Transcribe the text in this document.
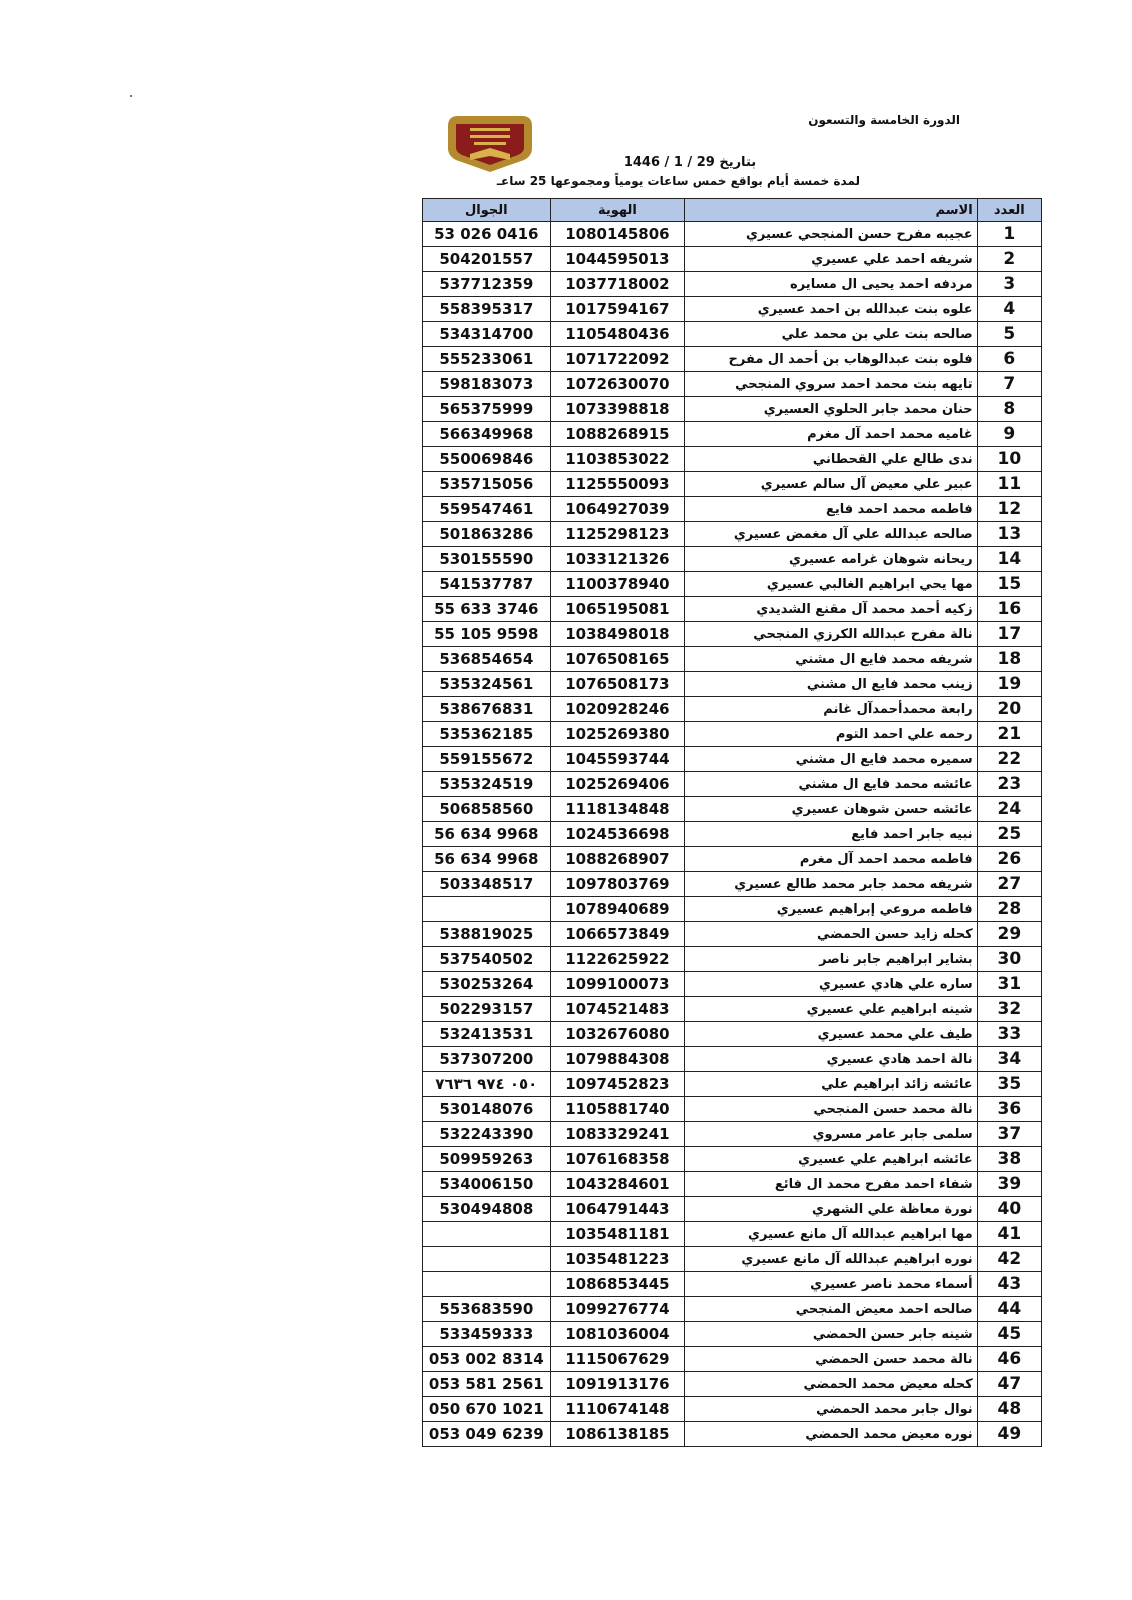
الدورة الخامسة والتسعون
بتاريخ 29 / 1 / 1446
لمدة خمسة أيام بواقع خمس ساعات يومياً ومجموعها 25 ساعـ
الجوال	الهوية	الاسم	العدد
53 026 0416	1080145806	عجيبه مفرح حسن المنجحي عسيري	1
504201557	1044595013	شريفه احمد علي عسيري	2
537712359	1037718002	مردفه احمد يحيى ال مسايره	3
558395317	1017594167	علوه بنت عبدالله بن احمد عسيري	4
534314700	1105480436	صالحه بنت علي بن محمد علي	5
555233061	1071722092	فلوه بنت عبدالوهاب بن أحمد ال مفرح	6
598183073	1072630070	تايهه بنت محمد احمد سروي المنجحي	7
565375999	1073398818	حنان محمد جابر الحلوي العسيري	8
566349968	1088268915	غاميه محمد احمد آل مغرم	9
550069846	1103853022	ندى طالع علي القحطاني	10
535715056	1125550093	عبير علي معيض آل سالم عسيري	11
559547461	1064927039	فاطمه محمد احمد فايع	12
501863286	1125298123	صالحه عبدالله علي آل مغمض عسيري	13
530155590	1033121326	ريحانه شوهان غرامه عسيري	14
541537787	1100378940	مها يحي ابراهيم الغالبي عسيري	15
55 633 3746	1065195081	زكيه أحمد محمد آل مقنع الشديدي	16
55 105 9598	1038498018	نالة مفرح عبدالله الكرزي المنجحي	17
536854654	1076508165	شريفه محمد فايع ال مشني	18
535324561	1076508173	زينب محمد فايع ال مشني	19
538676831	1020928246	رابعة محمدأحمدآل غانم	20
535362185	1025269380	رحمه علي احمد التوم	21
559155672	1045593744	سميره محمد فايع ال مشني	22
535324519	1025269406	عائشه محمد فايع ال مشني	23
506858560	1118134848	عائشه حسن شوهان عسيري	24
56 634 9968	1024536698	نبيه جابر احمد فايع	25
56 634 9968	1088268907	فاطمه محمد احمد آل مغرم	26
503348517	1097803769	شريفه محمد جابر محمد طالع عسيري	27
	1078940689	فاطمه مروعي إبراهيم عسيري	28
538819025	1066573849	كحله زايد حسن الحمضي	29
537540502	1122625922	بشاير ابراهيم جابر ناصر	30
530253264	1099100073	ساره علي هادي عسيري	31
502293157	1074521483	شينه ابراهيم علي عسيري	32
532413531	1032676080	طيف علي محمد عسيري	33
537307200	1079884308	نالة احمد هادي عسيري	34
٠٥٠ ٩٧٤ ٧٦٣٦	1097452823	عائشه زائد ابراهيم علي	35
530148076	1105881740	نالة محمد حسن المنجحي	36
532243390	1083329241	سلمى جابر عامر مسروي	37
509959263	1076168358	عائشه ابراهيم علي عسيري	38
534006150	1043284601	شفاء احمد مفرح محمد ال فائع	39
530494808	1064791443	نورة معاظة علي الشهري	40
	1035481181	مها ابراهيم عبدالله آل مانع عسيري	41
	1035481223	نوره ابراهيم عبدالله آل مانع عسيري	42
	1086853445	أسماء محمد ناصر عسيري	43
553683590	1099276774	صالحه احمد معيض المنجحي	44
533459333	1081036004	شينه جابر حسن الحمضي	45
053 002 8314	1115067629	نالة محمد حسن الحمضي	46
053 581 2561	1091913176	كحله معيض محمد الحمضي	47
050 670 1021	1110674148	نوال جابر محمد الحمضي	48
053 049 6239	1086138185	نوره معيض محمد الحمضي	49
